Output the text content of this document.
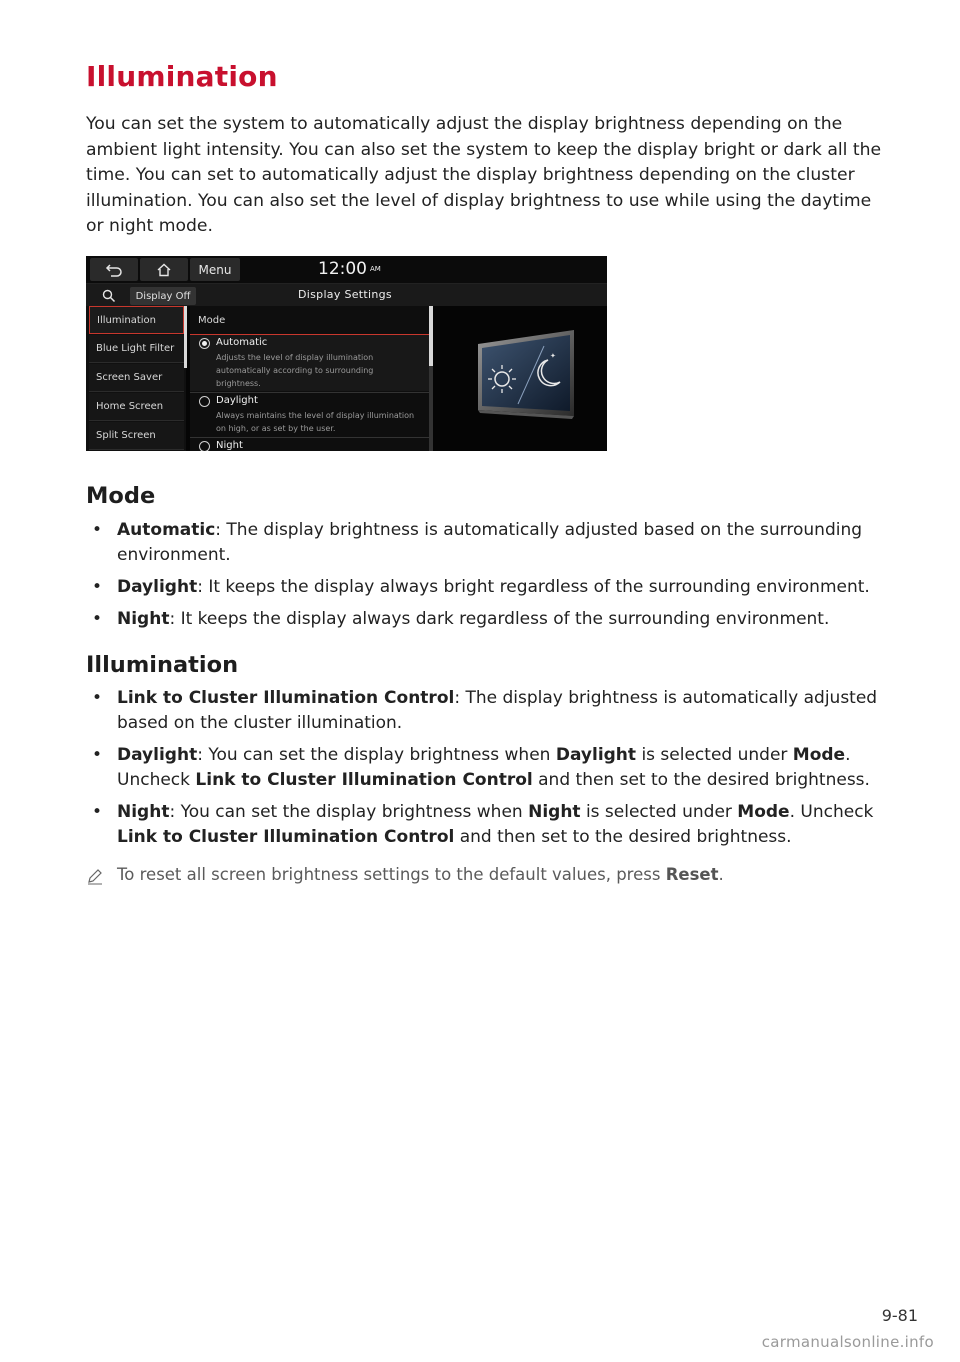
Illumination

You can set the system to automatically adjust the display brightness depending on the ambient light intensity. You can also set the system to keep the display bright or dark all the time. You can set to automatically adjust the display brightness depending on the cluster illumination. You can also set the level of display brightness to use while using the daytime or night mode.

Menu	12:00 AM
Display Off	Display Settings
Illumination
Blue Light Filter
Screen Saver
Home Screen
Split Screen
Mode
Automatic
Adjusts the level of display illumination automatically according to surrounding brightness.
Daylight
Always maintains the level of display illumination on high, or as set by the user.
Night
✦
Mode
• Automatic: The display brightness is automatically adjusted based on the surrounding environment.
• Daylight: It keeps the display always bright regardless of the surrounding environment.
• Night: It keeps the display always dark regardless of the surrounding environment.
Illumination
• Link to Cluster Illumination Control: The display brightness is automatically adjusted based on the cluster illumination.
• Daylight: You can set the display brightness when Daylight is selected under Mode. Uncheck Link to Cluster Illumination Control and then set to the desired brightness.
• Night: You can set the display brightness when Night is selected under Mode. Uncheck Link to Cluster Illumination Control and then set to the desired brightness.
To reset all screen brightness settings to the default values, press Reset.
9-81
carmanualsonline.info
